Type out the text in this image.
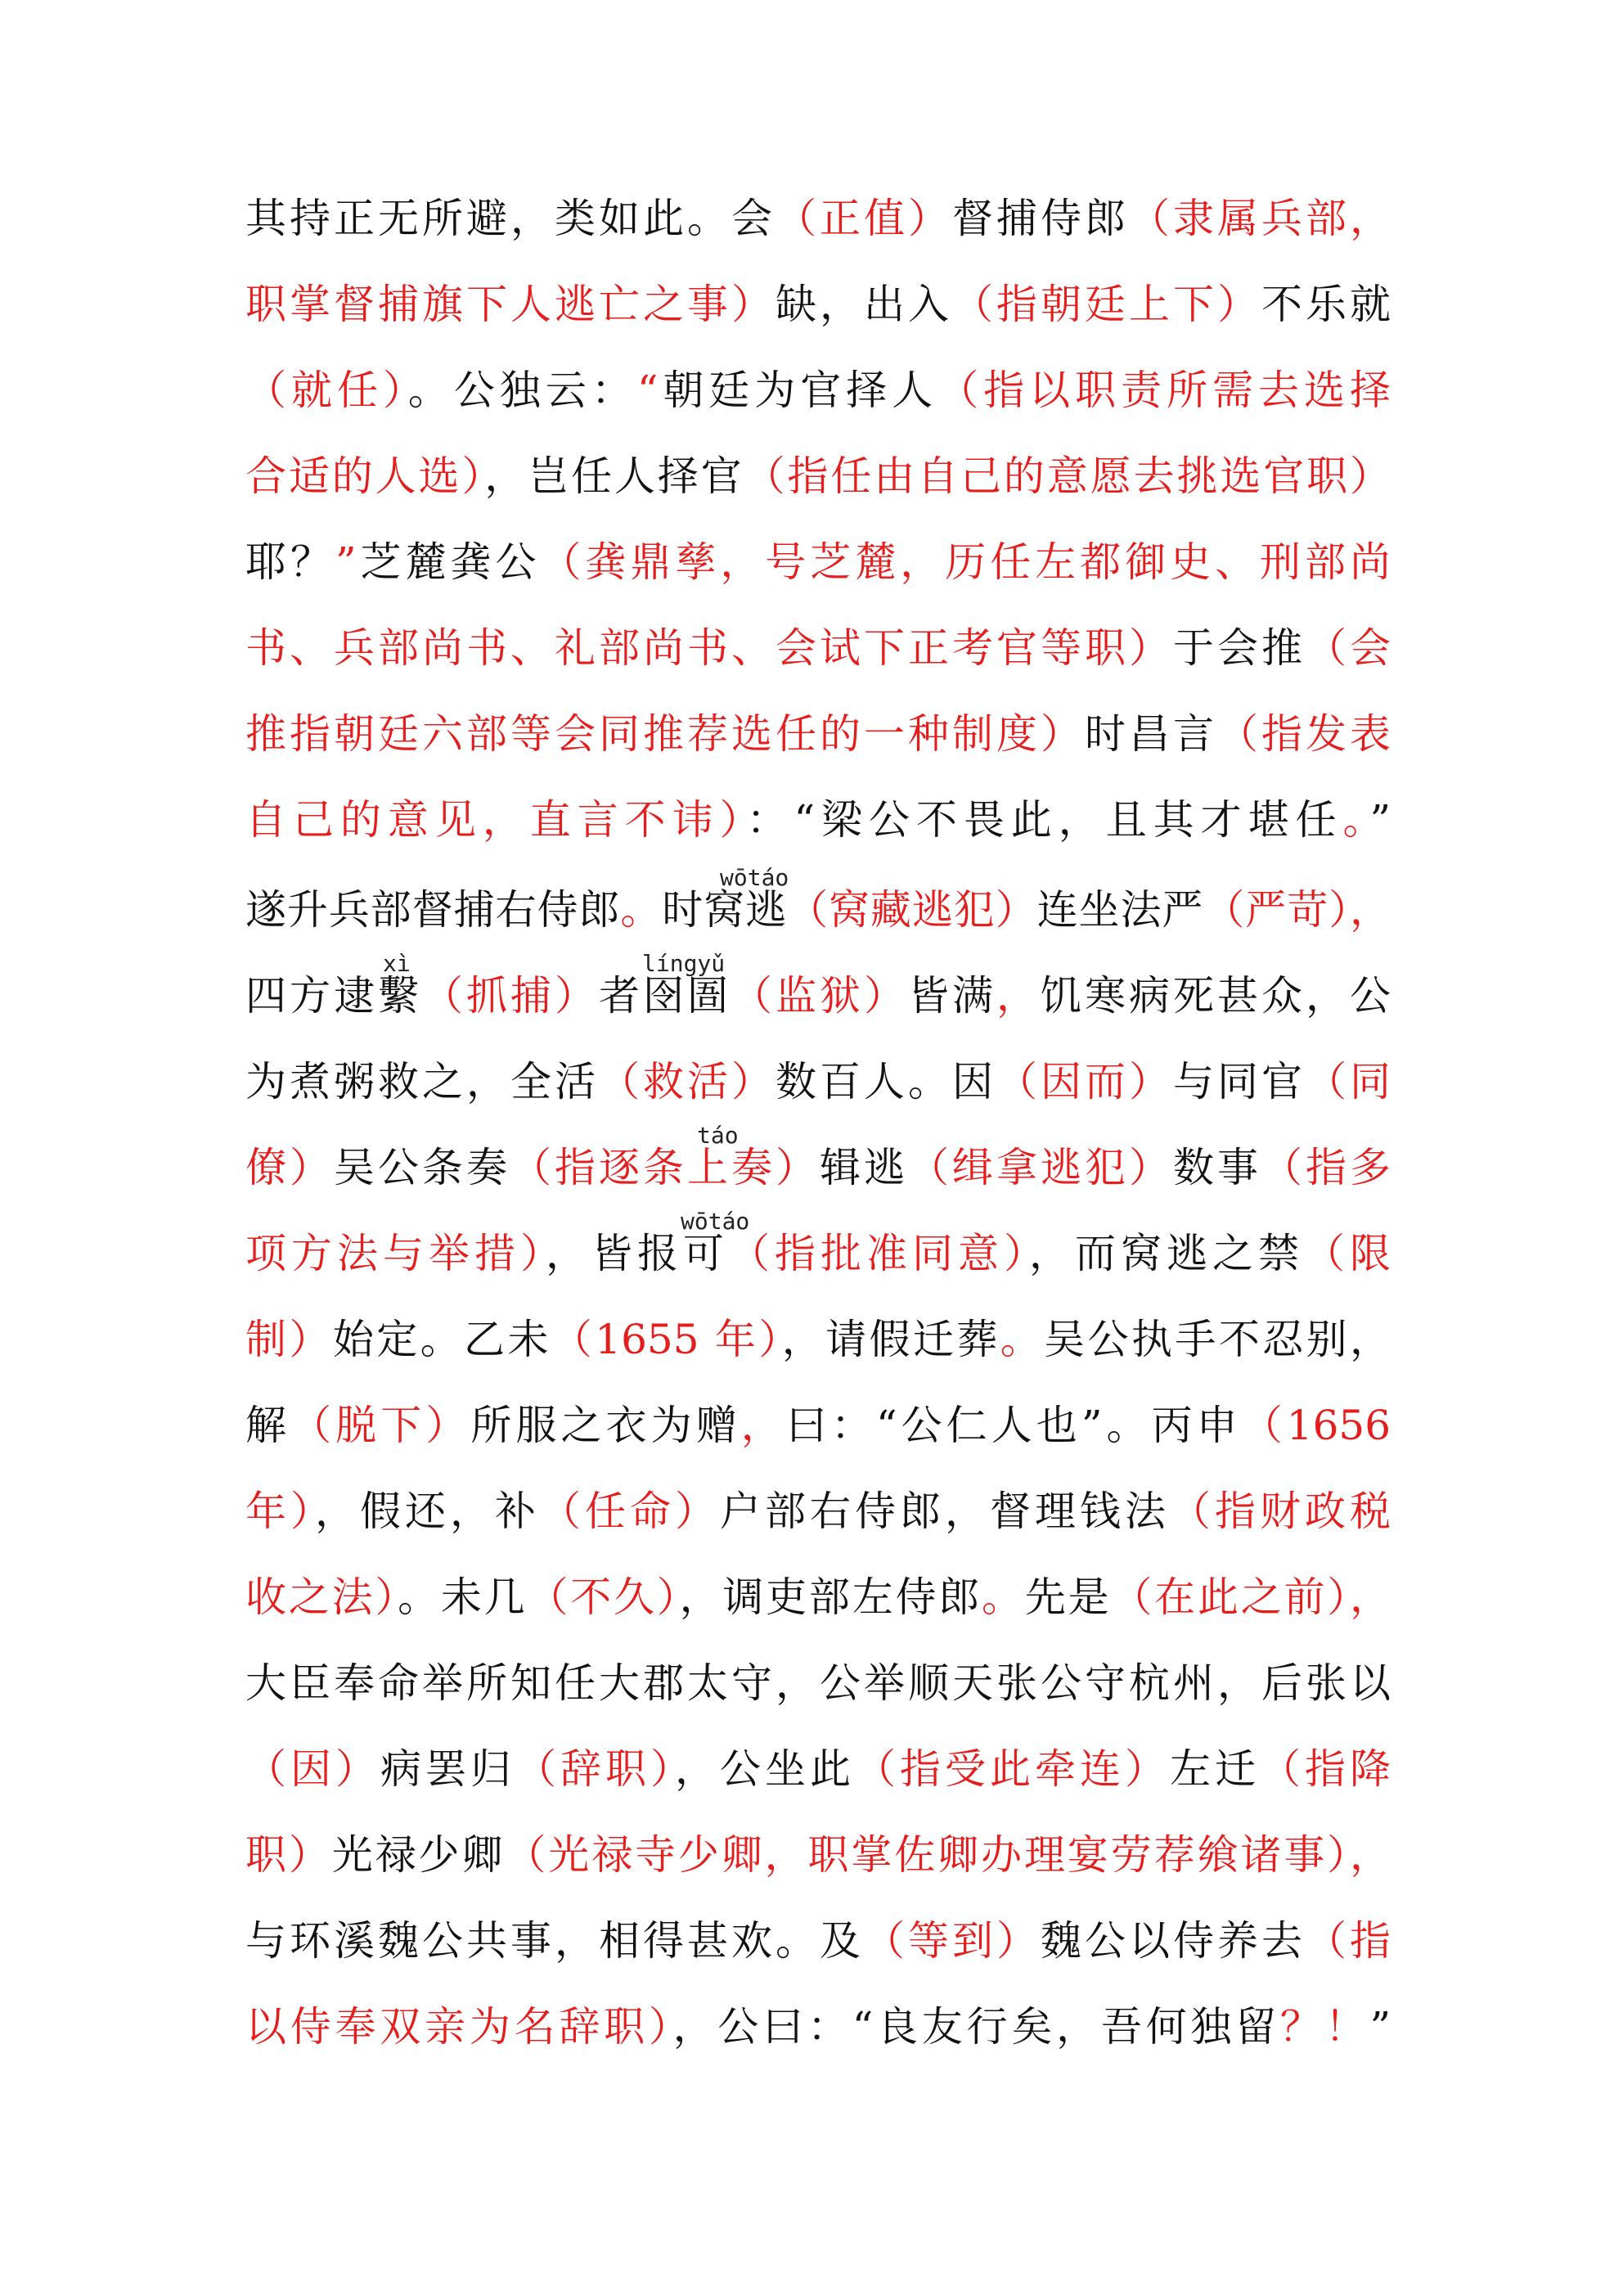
其持正无所避，类如此。会（正值）督捕侍郎（隶属兵部，
职掌督捕旗下人逃亡之事）缺，出入（指朝廷上下）不乐就
（就任）。公独云：“朝廷为官择人（指以职责所需去选择
合适的人选），岂任人择官（指任由自己的意愿去挑选官职）
耶？”芝麓龚公（龚鼎孳，号芝麓，历任左都御史、刑部尚
书、兵部尚书、礼部尚书、会试下正考官等职）于会推（会
推指朝廷六部等会同推荐选任的一种制度）时昌言（指发表
自己的意见，直言不讳）：“梁公不畏此，且其才堪任。”
遂升兵部督捕右侍郎。时窝逃（窝藏逃犯）连坐法严（严苛），
四方逮繫（抓捕）者囹圄（监狱）皆满，饥寒病死甚众，公
为煮粥救之，全活（救活）数百人。因（因而）与同官（同
僚）吴公条奏（指逐条上奏）辑逃（缉拿逃犯）数事（指多
项方法与举措），皆报可（指批准同意），而窝逃之禁（限
制）始定。乙未（1655 年），请假迁葬。吴公执手不忍别，
解（脱下）所服之衣为赠，曰：“公仁人也”。丙申（1656
年），假还，补（任命）户部右侍郎，督理钱法（指财政税
收之法）。未几（不久），调吏部左侍郎。先是（在此之前），
大臣奉命举所知任大郡太守，公举顺天张公守杭州，后张以
（因）病罢归（辞职），公坐此（指受此牵连）左迁（指降
职）光禄少卿（光禄寺少卿，职掌佐卿办理宴劳荐飨诸事），
与环溪魏公共事，相得甚欢。及（等到）魏公以侍养去（指
以侍奉双亲为名辞职），公曰：“良友行矣，吾何独留？！”
wōtáo
xì	língyǔ
táo
wōtáo
